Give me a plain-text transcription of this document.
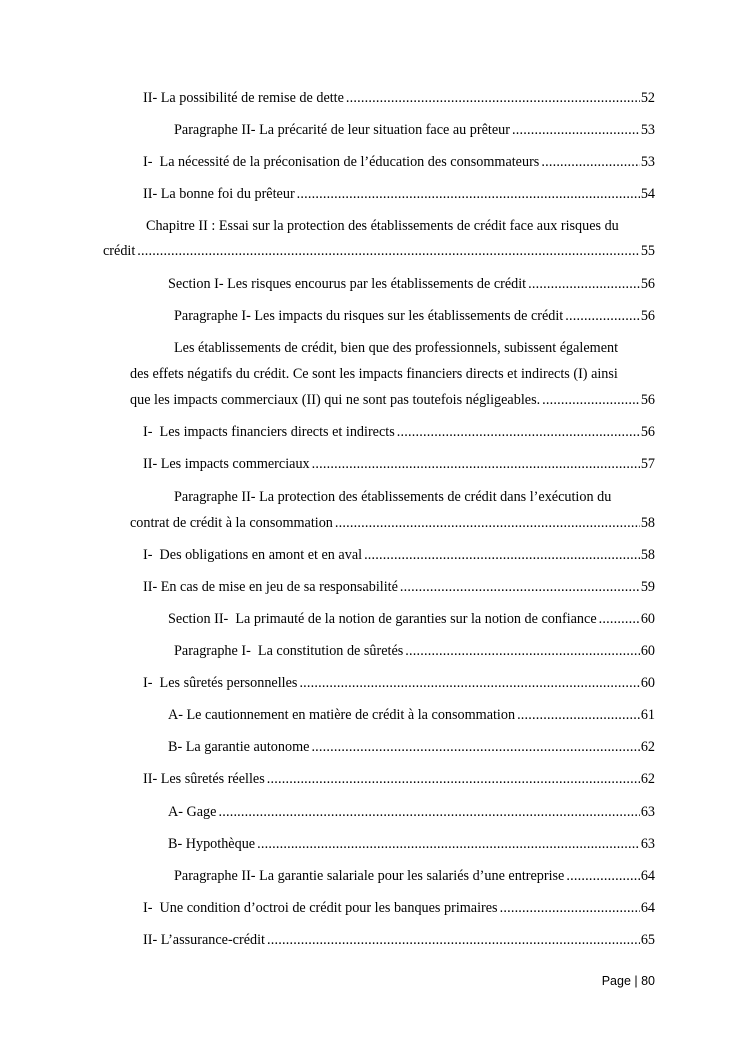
II- La possibilité de remise de dette .....	52
Paragraphe II- La précarité de leur situation face au prêteur .....	53
I-  La nécessité de la préconisation de l’éducation des consommateurs .....	53
II- La bonne foi du prêteur .....	54
Chapitre II : Essai sur la protection des établissements de crédit face aux risques du
crédit .....	55
Section I- Les risques encourus par les établissements de crédit .....	56
Paragraphe I- Les impacts du risques sur les établissements de crédit .....	56
Les établissements de crédit, bien que des professionnels, subissent également
des effets négatifs du crédit. Ce sont les impacts financiers directs et indirects (I) ainsi
que les impacts commerciaux (II) qui ne sont pas toutefois négligeables. .....	56
I-  Les impacts financiers directs et indirects .....	56
II- Les impacts commerciaux .....	57
Paragraphe II- La protection des établissements de crédit dans l’exécution du
contrat de crédit à la consommation .....	58
I-  Des obligations en amont et en aval .....	58
II- En cas de mise en jeu de sa responsabilité .....	59
Section II-  La primauté de la notion de garanties sur la notion de confiance .....	60
Paragraphe I-  La constitution de sûretés .....	60
I-  Les sûretés personnelles .....	60
A- Le cautionnement en matière de crédit à la consommation .....	61
B- La garantie autonome .....	62
II- Les sûretés réelles .....	62
A- Gage .....	63
B- Hypothèque .....	63
Paragraphe II- La garantie salariale pour les salariés d’une entreprise .....	64
I-  Une condition d’octroi de crédit pour les banques primaires .....	64
II- L’assurance-crédit .....	65
Page | 80
